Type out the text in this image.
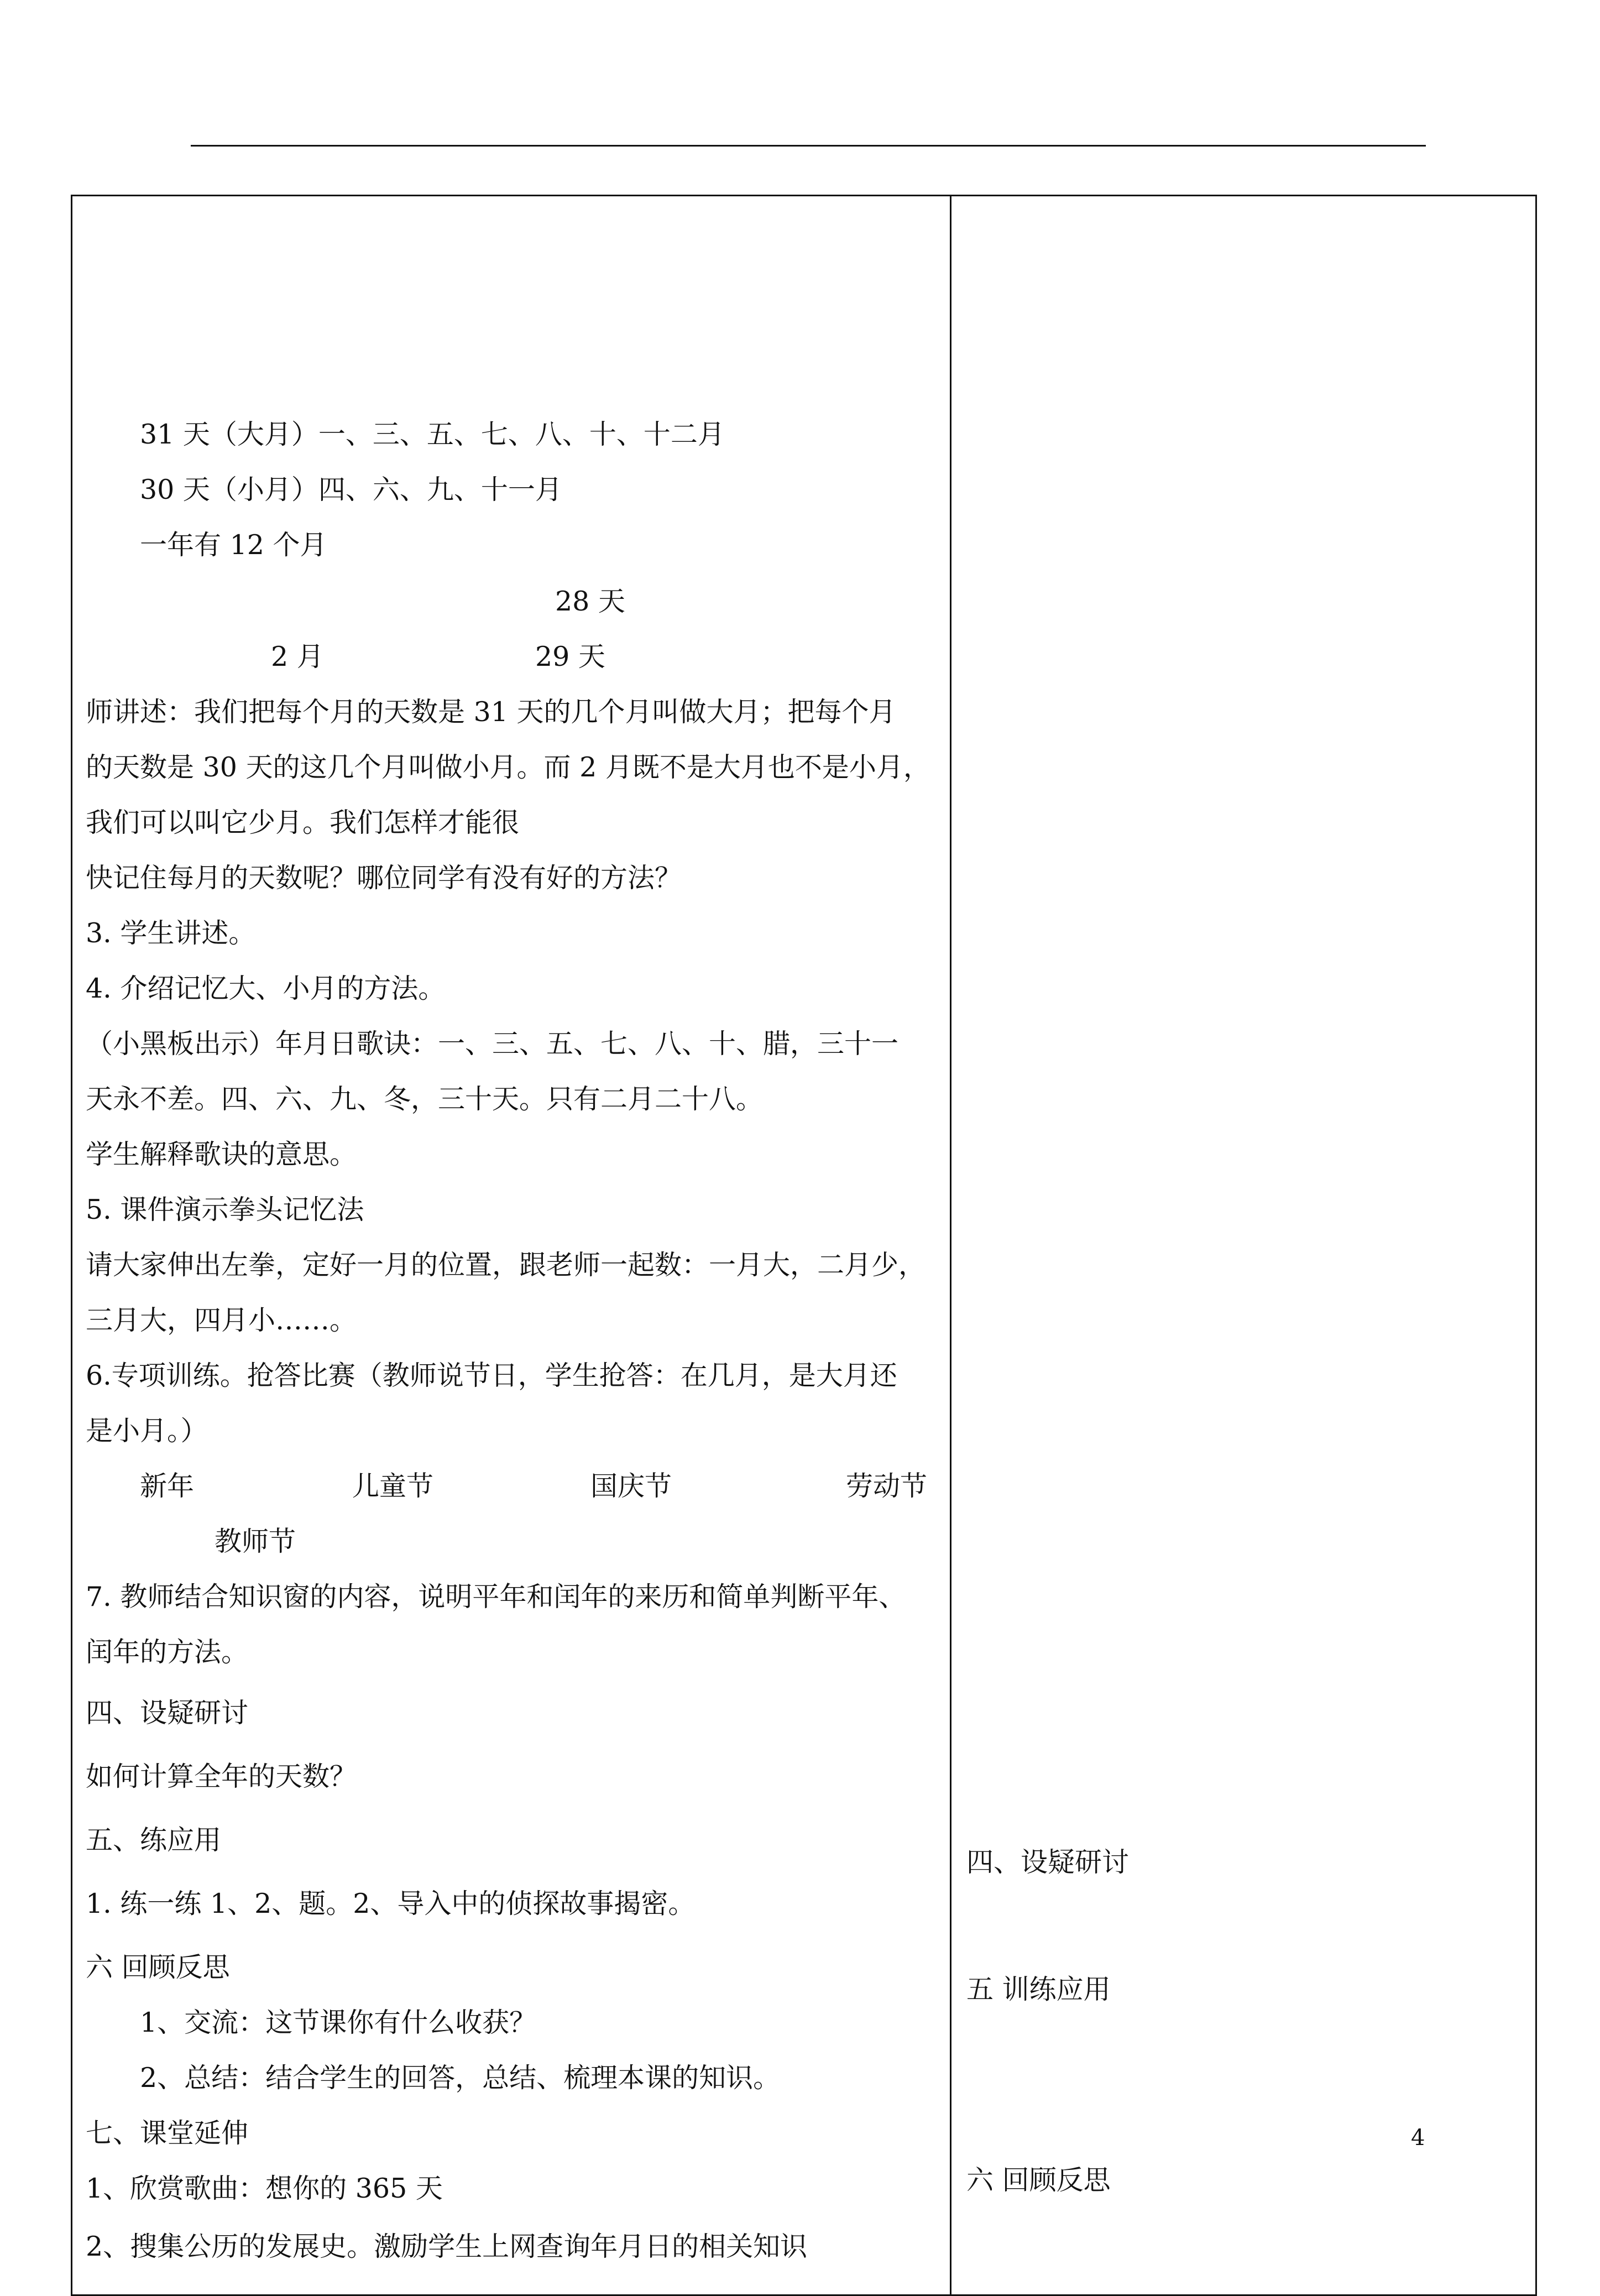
31 天（大月）一、三、五、七、八、十、十二月
30 天（小月）四、六、九、十一月
一年有 12 个月
28 天
2 月	29 天
师讲述：我们把每个月的天数是 31 天的几个月叫做大月；把每个月
的天数是 30 天的这几个月叫做小月。而 2 月既不是大月也不是小月，
我们可以叫它少月。我们怎样才能很
快记住每月的天数呢？哪位同学有没有好的方法？
3. 学生讲述。
4. 介绍记忆大、小月的方法。
（小黑板出示）年月日歌诀：一、三、五、七、八、十、腊，三十一
天永不差。四、六、九、冬，三十天。只有二月二十八。
学生解释歌诀的意思。
5. 课件演示拳头记忆法
请大家伸出左拳，定好一月的位置，跟老师一起数：一月大，二月少，
三月大，四月小……。
6.专项训练。抢答比赛（教师说节日，学生抢答：在几月，是大月还
是小月。）
新年	儿童节	国庆节	劳动节
教师节
7. 教师结合知识窗的内容，说明平年和闰年的来历和简单判断平年、
闰年的方法。
四、设疑研讨
如何计算全年的天数？
五、练应用
1. 练一练 1、2、题。2、导入中的侦探故事揭密。
六 回顾反思
1、交流：这节课你有什么收获？
2、总结：结合学生的回答，总结、梳理本课的知识。
七、课堂延伸
1、欣赏歌曲：想你的 365 天
2、搜集公历的发展史。激励学生上网查询年月日的相关知识
四、设疑研讨
五 训练应用
六 回顾反思
4
